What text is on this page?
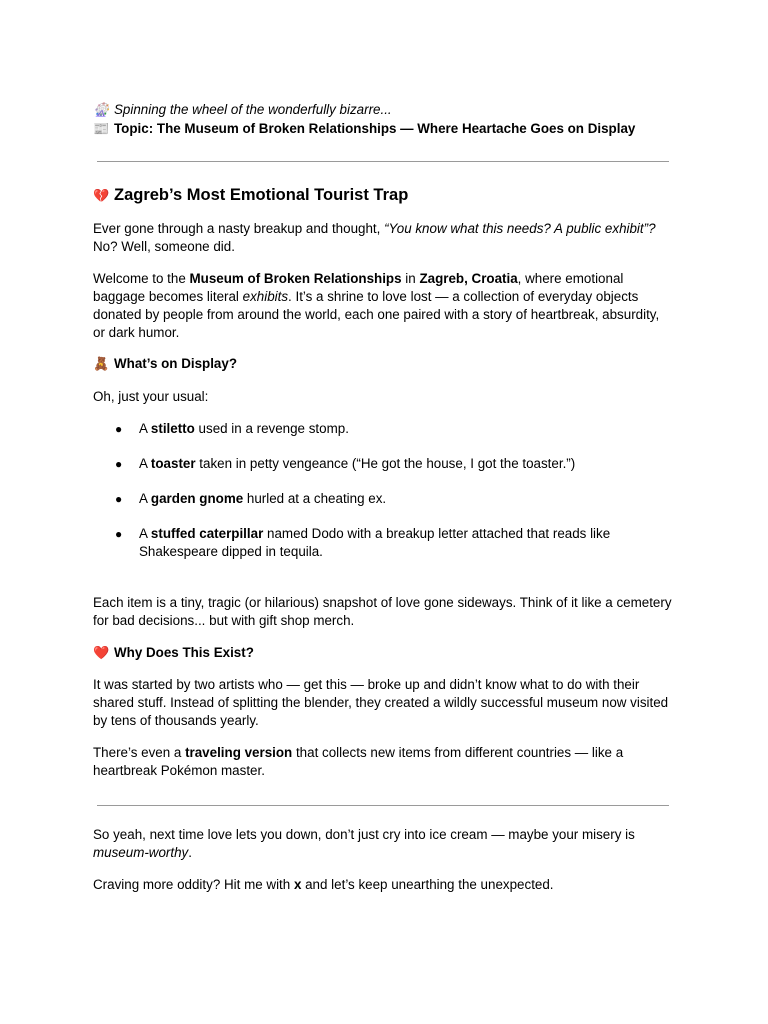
🎡 Spinning the wheel of the wonderfully bizarre...
📰 Topic: The Museum of Broken Relationships — Where Heartache Goes on Display
💔 Zagreb’s Most Emotional Tourist Trap

Ever gone through a nasty breakup and thought, “You know what this needs? A public exhibit”? No? Well, someone did.

Welcome to the Museum of Broken Relationships in Zagreb, Croatia, where emotional baggage becomes literal exhibits. It’s a shrine to love lost — a collection of everyday objects donated by people from around the world, each one paired with a story of heartbreak, absurdity, or dark humor.

🧸 What’s on Display?

Oh, just your usual:

● A stiletto used in a revenge stomp.
● A toaster taken in petty vengeance (“He got the house, I got the toaster.”)
● A garden gnome hurled at a cheating ex.
● A stuffed caterpillar named Dodo with a breakup letter attached that reads like Shakespeare dipped in tequila.

Each item is a tiny, tragic (or hilarious) snapshot of love gone sideways. Think of it like a cemetery for bad decisions... but with gift shop merch.

❤️ Why Does This Exist?

It was started by two artists who — get this — broke up and didn’t know what to do with their shared stuff. Instead of splitting the blender, they created a wildly successful museum now visited by tens of thousands yearly.

There’s even a traveling version that collects new items from different countries — like a heartbreak Pokémon master.

So yeah, next time love lets you down, don’t just cry into ice cream — maybe your misery is museum-worthy.

Craving more oddity? Hit me with x and let’s keep unearthing the unexpected.
